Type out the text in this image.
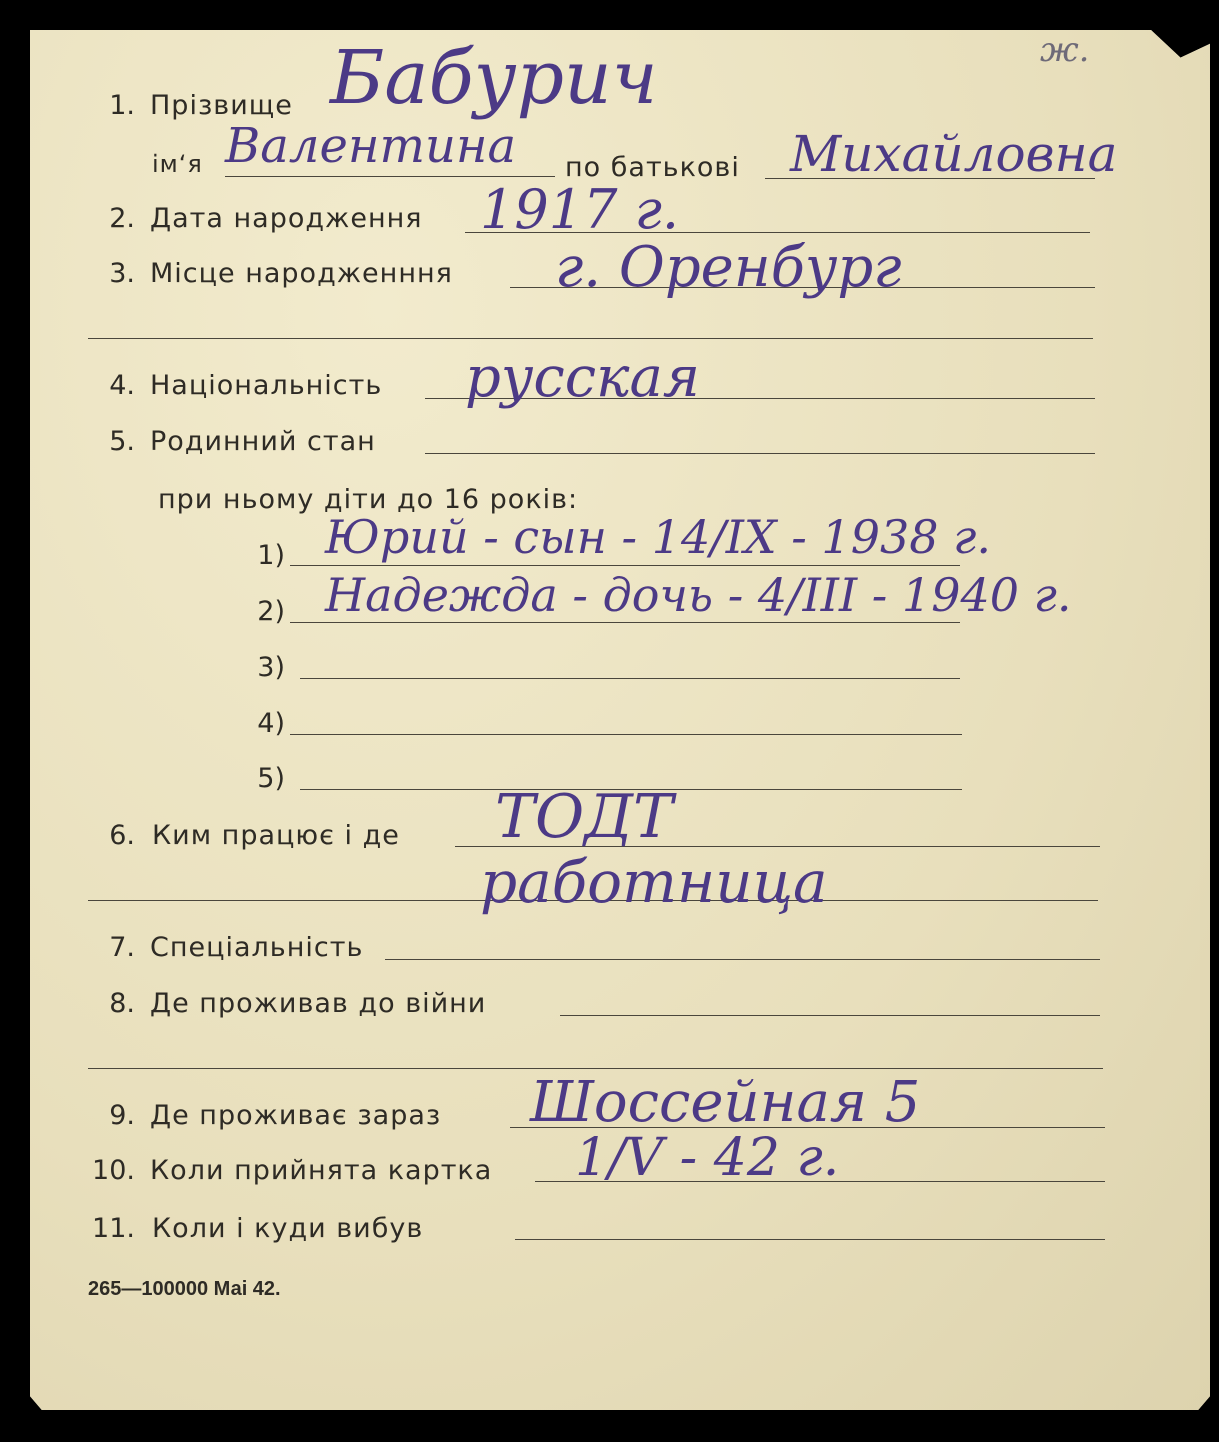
1. Прізвище Бабурич	ж.
ім‘я Валентина по батькові Михайловна
2. Дата народження 1917 г.
3. Місце народженння г. Оренбург
4. Національність русская
5. Родинний стан
при ньому діти до 16 років:
1) Юрий - сын - 14/IX - 1938 г.
2) Надежда - дочь - 4/III - 1940 г.
3)
4)
5)
6. Ким працює і де ТОДТ
работница
7. Спеціальність
8. Де проживав до війни
9. Де проживає зараз Шоссейная 5
10. Коли прийнята картка 1/V - 42 г.
11. Коли і куди вибув
265—100000 Маі 42.
